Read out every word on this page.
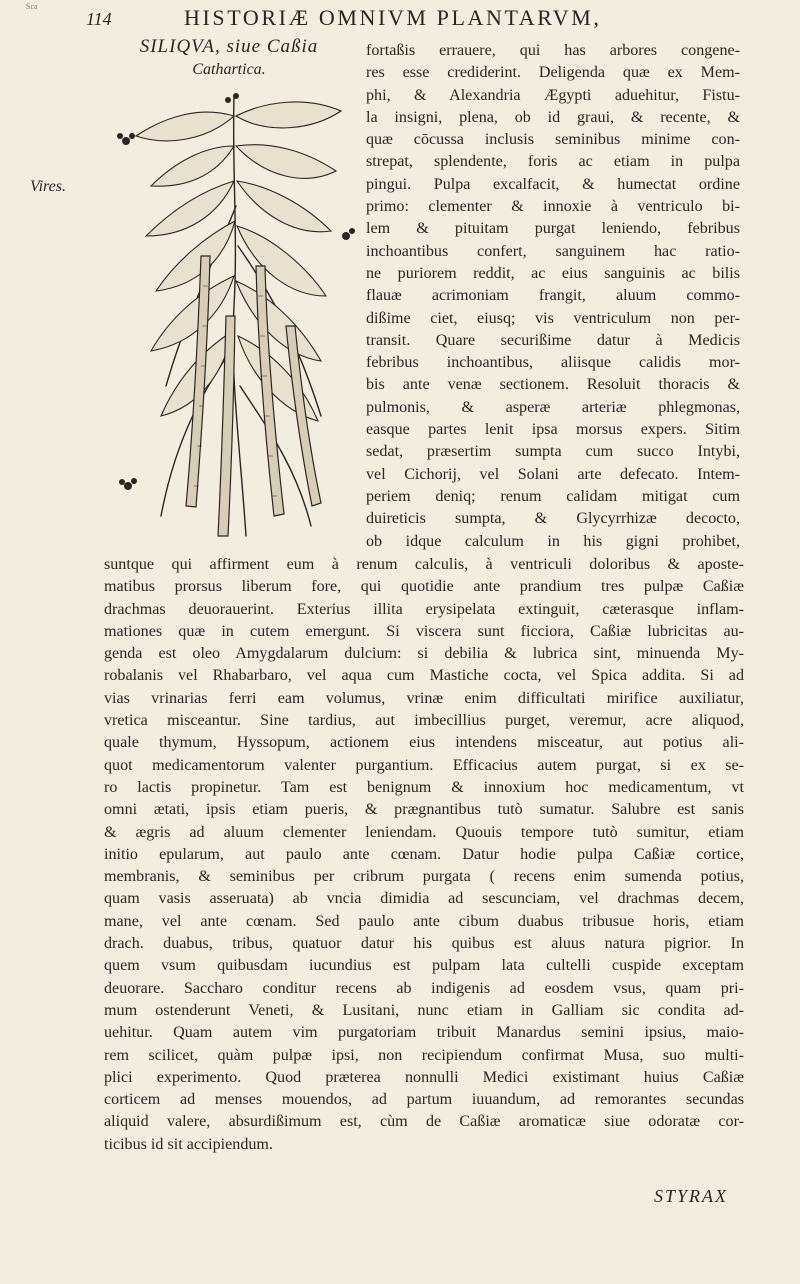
Sca
114	HISTORIÆ OMNIVM PLANTARVM,
SILIQVA, siue Caßia
Cathartica.
Vires.
fortaßis errauere, qui has arbores congene-
res esse crediderint. Deligenda quæ ex Mem-
phi, & Alexandria Ægypti aduehitur, Fistu-
la insigni, plena, ob id graui, & recente, &
quæ cōcussa inclusis seminibus minime con-
strepat, splendente, foris ac etiam in pulpa
pingui. Pulpa excalfacit, & humectat ordine
primo: clementer & innoxie à ventriculo bi-
lem & pituitam purgat leniendo, febribus
inchoantibus confert, sanguinem hac ratio-
ne puriorem reddit, ac eius sanguinis ac bilis
flauæ acrimoniam frangit, aluum commo-
dißime ciet, eiusq; vis ventriculum non per-
transit. Quare securißime datur à Medicis
febribus inchoantibus, aliisque calidis mor-
bis ante venæ sectionem. Resoluit thoracis &
pulmonis, & asperæ arteriæ phlegmonas,
easque partes lenit ipsa morsus expers. Sitim
sedat, præsertim sumpta cum succo Intybi,
vel Cichorij, vel Solani arte defecato. Intem-
periem deniq; renum calidam mitigat cum
duireticis sumpta, & Glycyrrhizæ decocto,
ob idque calculum in his gigni prohibet,
suntque qui affirment eum à renum calculis, à ventriculi doloribus & aposte-
matibus prorsus liberum fore, qui quotidie ante prandium tres pulpæ Caßiæ
drachmas deuorauerint. Exterius illita erysipelata extinguit, cæterasque inflam-
mationes quæ in cutem emergunt. Si viscera sunt ficciora, Caßiæ lubricitas au-
genda est oleo Amygdalarum dulcium: si debilia & lubrica sint, minuenda My-
robalanis vel Rhabarbaro, vel aqua cum Mastiche cocta, vel Spica addita. Si ad
vias vrinarias ferri eam volumus, vrinæ enim difficultati mirifice auxiliatur,
vretica misceantur. Sine tardius, aut imbecillius purget, veremur, acre aliquod,
quale thymum, Hyssopum, actionem eius intendens misceatur, aut potius ali-
quot medicamentorum valenter purgantium. Efficacius autem purgat, si ex se-
ro lactis propinetur. Tam est benignum & innoxium hoc medicamentum, vt
omni ætati, ipsis etiam pueris, & prægnantibus tutò sumatur. Salubre est sanis
& ægris ad aluum clementer leniendam. Quouis tempore tutò sumitur, etiam
initio epularum, aut paulo ante cœnam. Datur hodie pulpa Caßiæ cortice,
membranis, & seminibus per cribrum purgata ( recens enim sumenda potius,
quam vasis asseruata) ab vncia dimidia ad sescunciam, vel drachmas decem,
mane, vel ante cœnam. Sed paulo ante cibum duabus tribusue horis, etiam
drach. duabus, tribus, quatuor datur his quibus est aluus natura pigrior. In
quem vsum quibusdam iucundius est pulpam lata cultelli cuspide exceptam
deuorare. Saccharo conditur recens ab indigenis ad eosdem vsus, quam pri-
mum ostenderunt Veneti, & Lusitani, nunc etiam in Galliam sic condita ad-
uehitur. Quam autem vim purgatoriam tribuit Manardus semini ipsius, maio-
rem scilicet, quàm pulpæ ipsi, non recipiendum confirmat Musa, suo multi-
plici experimento. Quod præterea nonnulli Medici existimant huius Caßiæ
corticem ad menses mouendos, ad partum iuuandum, ad remorantes secundas
aliquid valere, absurdißimum est, cùm de Caßiæ aromaticæ siue odoratæ cor-
ticibus id sit accipiendum.
STYRAX
